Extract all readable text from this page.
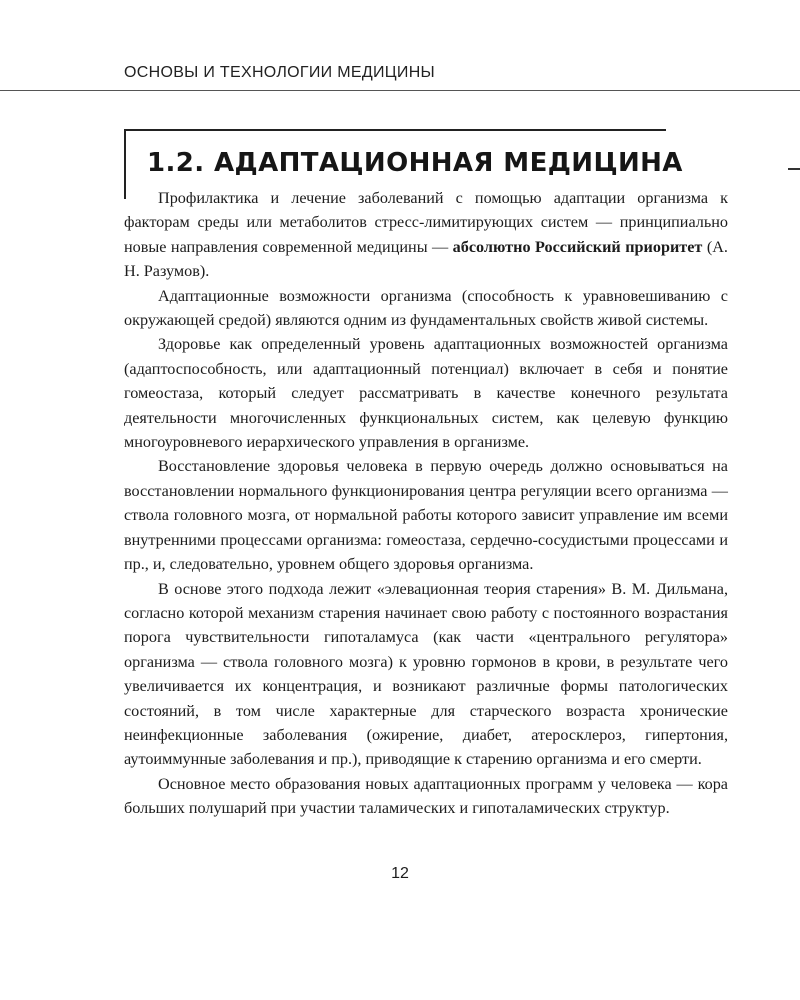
ОСНОВЫ И ТЕХНОЛОГИИ МЕДИЦИНЫ
1.2. АДАПТАЦИОННАЯ МЕДИЦИНА

Профилактика и лечение заболеваний с помощью адаптации организма к факторам среды или метаболитов стресс-лимитирующих систем — принципиально новые направления современной медицины — абсолютно Российский приоритет (А. Н. Разумов).

Адаптационные возможности организма (способность к уравновешиванию с окружающей средой) являются одним из фундаментальных свойств живой системы.

Здоровье как определенный уровень адаптационных возможностей организма (адаптоспособность, или адаптационный потенциал) включает в себя и понятие гомеостаза, который следует рассматривать в качестве конечного результата деятельности многочисленных функциональных систем, как целевую функцию многоуровневого иерархического управления в организме.

Восстановление здоровья человека в первую очередь должно основываться на восстановлении нормального функционирования центра регуляции всего организма — ствола головного мозга, от нормальной работы которого зависит управление им всеми внутренними процессами организма: гомеостаза, сердечно-сосудистыми процессами и пр., и, следовательно, уровнем общего здоровья организма.

В основе этого подхода лежит «элевационная теория старения» В. М. Дильмана, согласно которой механизм старения начинает свою работу с постоянного возрастания порога чувствительности гипоталамуса (как части «центрального регулятора» организма — ствола головного мозга) к уровню гормонов в крови, в результате чего увеличивается их концентрация, и возникают различные формы патологических состояний, в том числе характерные для старческого возраста хронические неинфекционные заболевания (ожирение, диабет, атеросклероз, гипертония, аутоиммунные заболевания и пр.), приводящие к старению организма и его смерти.

Основное место образования новых адаптационных программ у человека — кора больших полушарий при участии таламических и гипоталамических структур.

12
